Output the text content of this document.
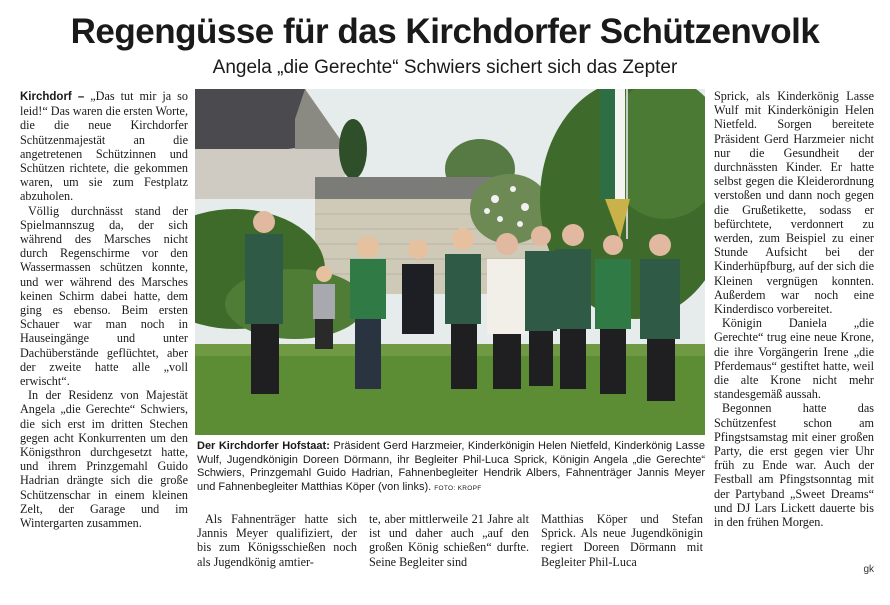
Regengüsse für das Kirchdorfer Schützenvolk
Angela „die Gerechte“ Schwiers sichert sich das Zepter

Kirchdorf – „Das tut mir ja so leid!“ Das waren die ersten Worte, die die neue Kirchdorfer Schützenmajestät an die angetretenen Schützinnen und Schützen richtete, die gekommen waren, um sie zum Festplatz abzuholen.

Völlig durchnässt stand der Spielmannszug da, der sich während des Marsches nicht durch Regenschirme vor den Wassermassen schützen konnte, und wer während des Marsches keinen Schirm dabei hatte, dem ging es ebenso. Beim ersten Schauer war man noch in Hauseingänge und unter Dachüberstände geflüchtet, aber der zweite hatte alle „voll erwischt“.

In der Residenz von Majestät Angela „die Gerechte“ Schwiers, die sich erst im dritten Stechen gegen acht Konkurrenten um den Königsthron durchgesetzt hatte, und ihrem Prinzgemahl Guido Hadrian drängte sich die große Schützenschar in einem kleinen Zelt, der Garage und im Wintergarten zusammen.

Der Kirchdorfer Hofstaat: Präsident Gerd Harzmeier, Kinderkönigin Helen Nietfeld, Kinderkönig Lasse Wulf, Jugendkönigin Doreen Dörmann, ihr Begleiter Phil-Luca Sprick, Königin Angela „die Gerechte“ Schwiers, Prinzgemahl Guido Hadrian, Fahnenbegleiter Hendrik Albers, Fahnenträger Jannis Meyer und Fahnenbegleiter Matthias Köper (von links). FOTO: KROPF

Als Fahnenträger hatte sich Jannis Meyer qualifiziert, der bis zum Königsschießen noch als Jugendkönig amtier-

te, aber mittlerweile 21 Jahre alt ist und daher auch „auf den großen König schießen“ durfte. Seine Begleiter sind

Matthias Köper und Stefan Sprick. Als neue Jugendkönigin regiert Doreen Dörmann mit Begleiter Phil-Luca

Sprick, als Kinderkönig Lasse Wulf mit Kinderkönigin Helen Nietfeld. Sorgen bereitete Präsident Gerd Harzmeier nicht nur die Gesundheit der durchnässten Kinder. Er hatte selbst gegen die Kleiderordnung verstoßen und dann noch gegen die Grußetikette, sodass er befürchtete, verdonnert zu werden, zum Beispiel zu einer Stunde Aufsicht bei der Kinderhüpfburg, auf der sich die Kleinen vergnügen konnten. Außerdem war noch eine Kinderdisco vorbereitet.

Königin Daniela „die Gerechte“ trug eine neue Krone, die ihre Vorgängerin Irene „die Pferdemaus“ gestiftet hatte, weil die alte Krone nicht mehr standesgemäß aussah.

Begonnen hatte das Schützenfest schon am Pfingstsamstag mit einer großen Party, die erst gegen vier Uhr früh zu Ende war. Auch der Festball am Pfingstsonntag mit der Partyband „Sweet Dreams“ und DJ Lars Lickett dauerte bis in den frühen Morgen.

gk
